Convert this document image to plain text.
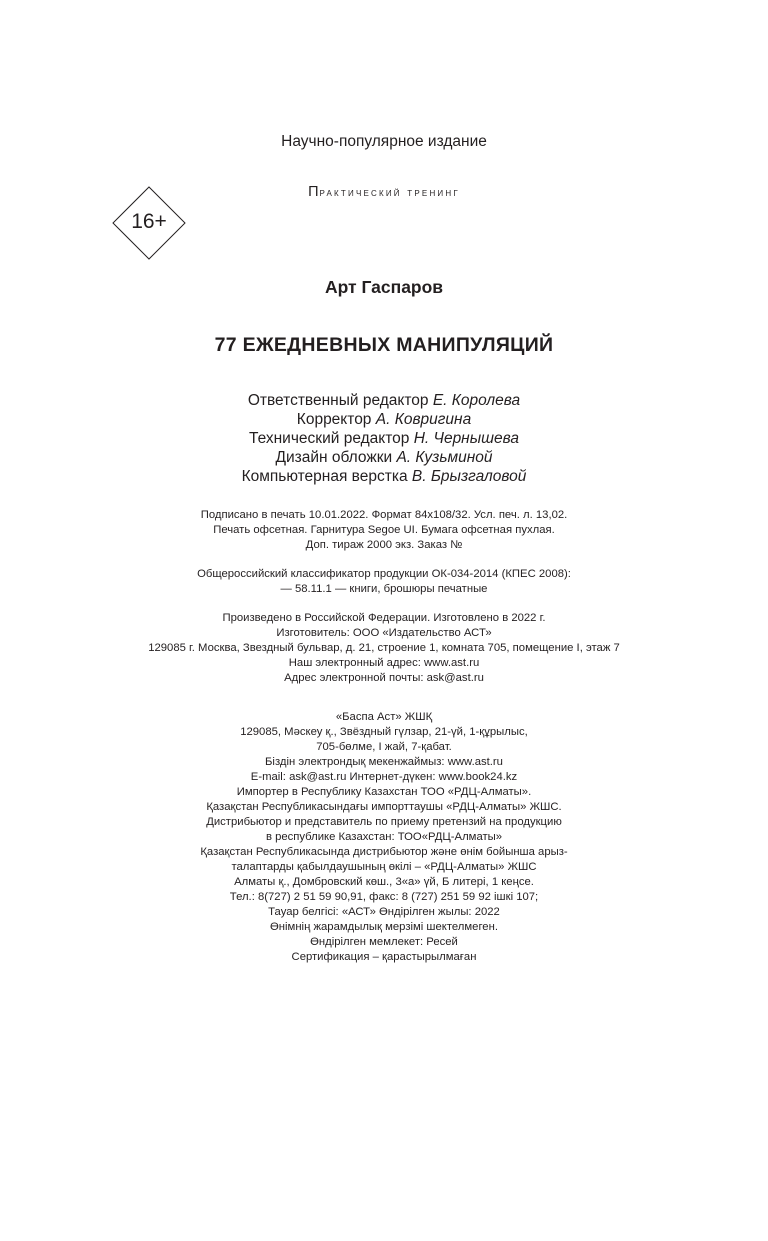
Научно-популярное издание
Практический тренинг
16+
Арт Гаспаров
77 ЕЖЕДНЕВНЫХ МАНИПУЛЯЦИЙ
Ответственный редактор Е. Королева
Корректор А. Ковригина
Технический редактор Н. Чернышева
Дизайн обложки А. Кузьминой
Компьютерная верстка В. Брызгаловой
Подписано в печать 10.01.2022. Формат 84x108/32. Усл. печ. л. 13,02.
Печать офсетная. Гарнитура Segoe UI. Бумага офсетная пухлая.
Доп. тираж 2000 экз. Заказ №
Общероссийский классификатор продукции ОК-034-2014 (КПЕС 2008):
— 58.11.1 — книги, брошюры печатные
Произведено в Российской Федерации. Изготовлено в 2022 г.
Изготовитель: ООО «Издательство АСТ»
129085 г. Москва, Звездный бульвар, д. 21, строение 1, комната 705, помещение I, этаж 7
Наш электронный адрес: www.ast.ru
Адрес электронной почты: ask@ast.ru
«Баспа Аст» ЖШҚ
129085, Мәскеу қ., Звёздный гүлзар, 21-үй, 1-құрылыс,
705-бөлме, I жай, 7-қабат.
Біздін электрондық мекенжаймыз: www.ast.ru
E-mail: ask@ast.ru Интернет-дүкен: www.book24.kz
Импортер в Республику Казахстан ТОО «РДЦ-Алматы».
Қазақстан Республикасындағы импорттаушы «РДЦ-Алматы» ЖШС.
Дистрибьютор и представитель по приему претензий на продукцию
в республике Казахстан: ТОО«РДЦ-Алматы»
Қазақстан Республикасында дистрибьютор және өнім бойынша арыз-
талаптарды қабылдаушының өкілі – «РДЦ-Алматы» ЖШС
Алматы қ., Домбровский көш., 3«а» үй, Б литері, 1 кеңсе.
Тел.: 8(727) 2 51 59 90,91, факс: 8 (727) 251 59 92 ішкі 107;
Тауар белгісі: «АСТ» Өндірілген жылы: 2022
Өнімнің жарамдылық мерзімі шектелмеген.
Өндірілген мемлекет: Ресей
Сертификация – қарастырылмаған
